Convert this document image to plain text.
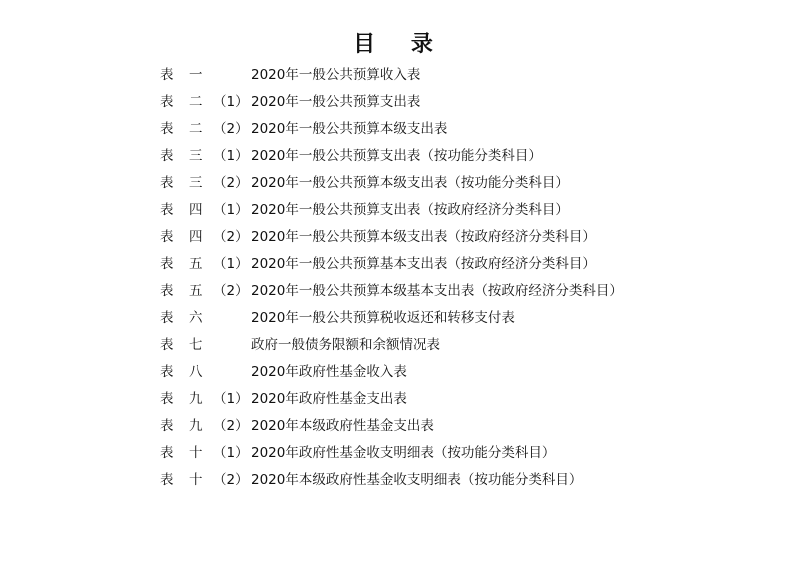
目 录
表 一	2020年一般公共预算收入表
表 二 （1） 2020年一般公共预算支出表
表 二 （2） 2020年一般公共预算本级支出表
表 三 （1） 2020年一般公共预算支出表（按功能分类科目）
表 三 （2） 2020年一般公共预算本级支出表（按功能分类科目）
表 四 （1） 2020年一般公共预算支出表（按政府经济分类科目）
表 四 （2） 2020年一般公共预算本级支出表（按政府经济分类科目）
表 五 （1） 2020年一般公共预算基本支出表（按政府经济分类科目）
表 五 （2） 2020年一般公共预算本级基本支出表（按政府经济分类科目）
表 六	2020年一般公共预算税收返还和转移支付表
表 七	政府一般债务限额和余额情况表
表 八	2020年政府性基金收入表
表 九 （1） 2020年政府性基金支出表
表 九 （2） 2020年本级政府性基金支出表
表 十 （1） 2020年政府性基金收支明细表（按功能分类科目）
表 十 （2） 2020年本级政府性基金收支明细表（按功能分类科目）
